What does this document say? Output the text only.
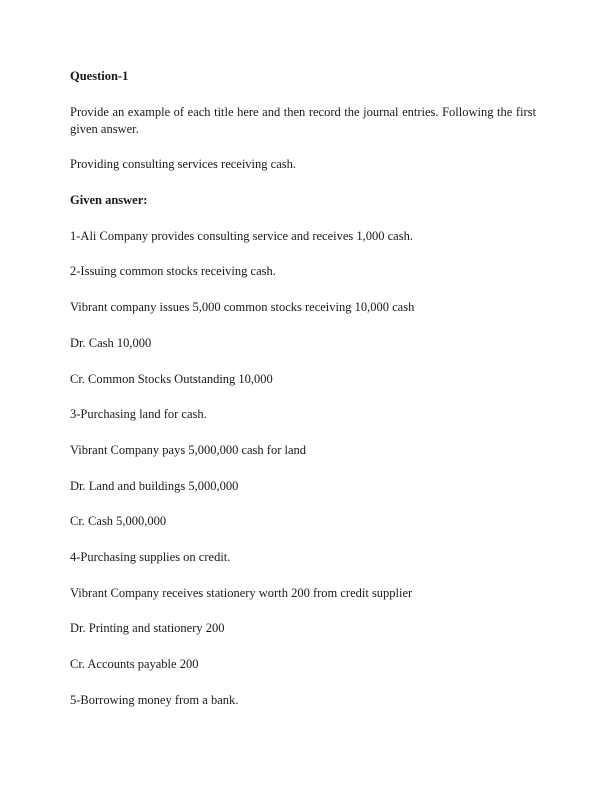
Question-1

Provide an example of each title here and then record the journal entries. Following the first

given answer.

Providing consulting services receiving cash.

Given answer:

1-Ali Company provides consulting service and receives 1,000 cash.

2-Issuing common stocks receiving cash.

Vibrant company issues 5,000 common stocks receiving 10,000 cash

Dr. Cash 10,000

Cr. Common Stocks Outstanding 10,000

3-Purchasing land for cash.

Vibrant Company pays 5,000,000 cash for land

Dr. Land and buildings 5,000,000

Cr. Cash 5,000,000

4-Purchasing supplies on credit.

Vibrant Company receives stationery worth 200 from credit supplier

Dr. Printing and stationery 200

Cr. Accounts payable 200

5-Borrowing money from a bank.
